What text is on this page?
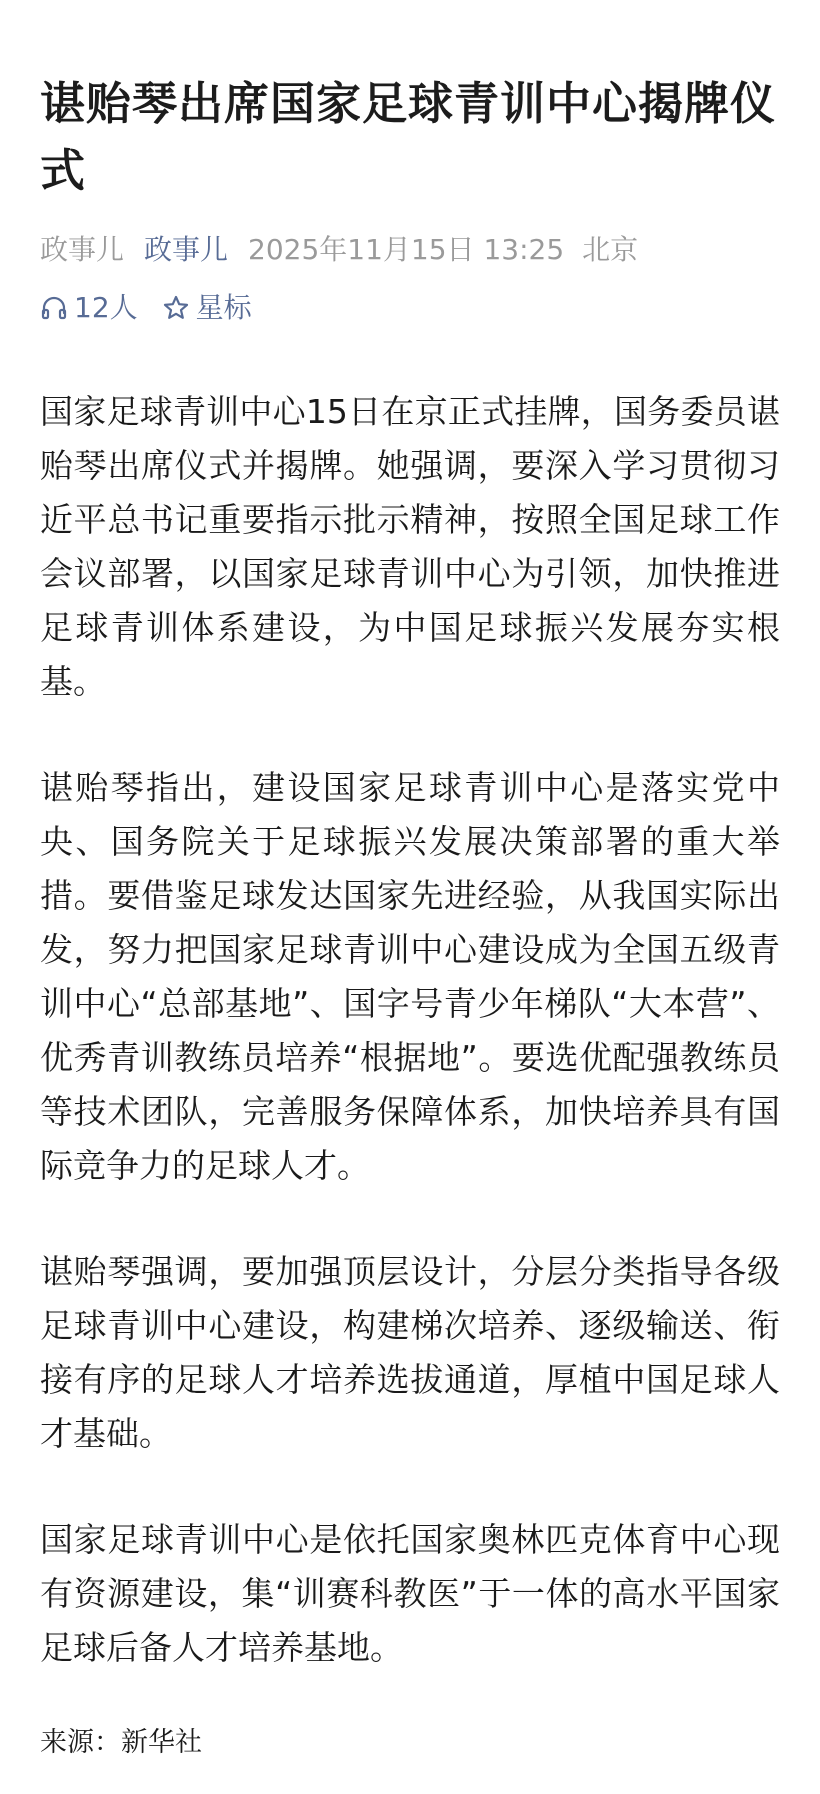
谌贻琴出席国家足球青训中心揭牌仪式
政事儿 政事儿 2025年11月15日 13:25 北京
12人 星标

国家足球青训中心15日在京正式挂牌，国务委员谌贻琴出席仪式并揭牌。她强调，要深入学习贯彻习近平总书记重要指示批示精神，按照全国足球工作会议部署，以国家足球青训中心为引领，加快推进足球青训体系建设，为中国足球振兴发展夯实根基。

谌贻琴指出，建设国家足球青训中心是落实党中央、国务院关于足球振兴发展决策部署的重大举措。要借鉴足球发达国家先进经验，从我国实际出发，努力把国家足球青训中心建设成为全国五级青训中心“总部基地”、国字号青少年梯队“大本营”、优秀青训教练员培养“根据地”。要选优配强教练员等技术团队，完善服务保障体系，加快培养具有国际竞争力的足球人才。

谌贻琴强调，要加强顶层设计，分层分类指导各级足球青训中心建设，构建梯次培养、逐级输送、衔接有序的足球人才培养选拔通道，厚植中国足球人才基础。

国家足球青训中心是依托国家奥林匹克体育中心现有资源建设，集“训赛科教医”于一体的高水平国家足球后备人才培养基地。

来源：新华社
